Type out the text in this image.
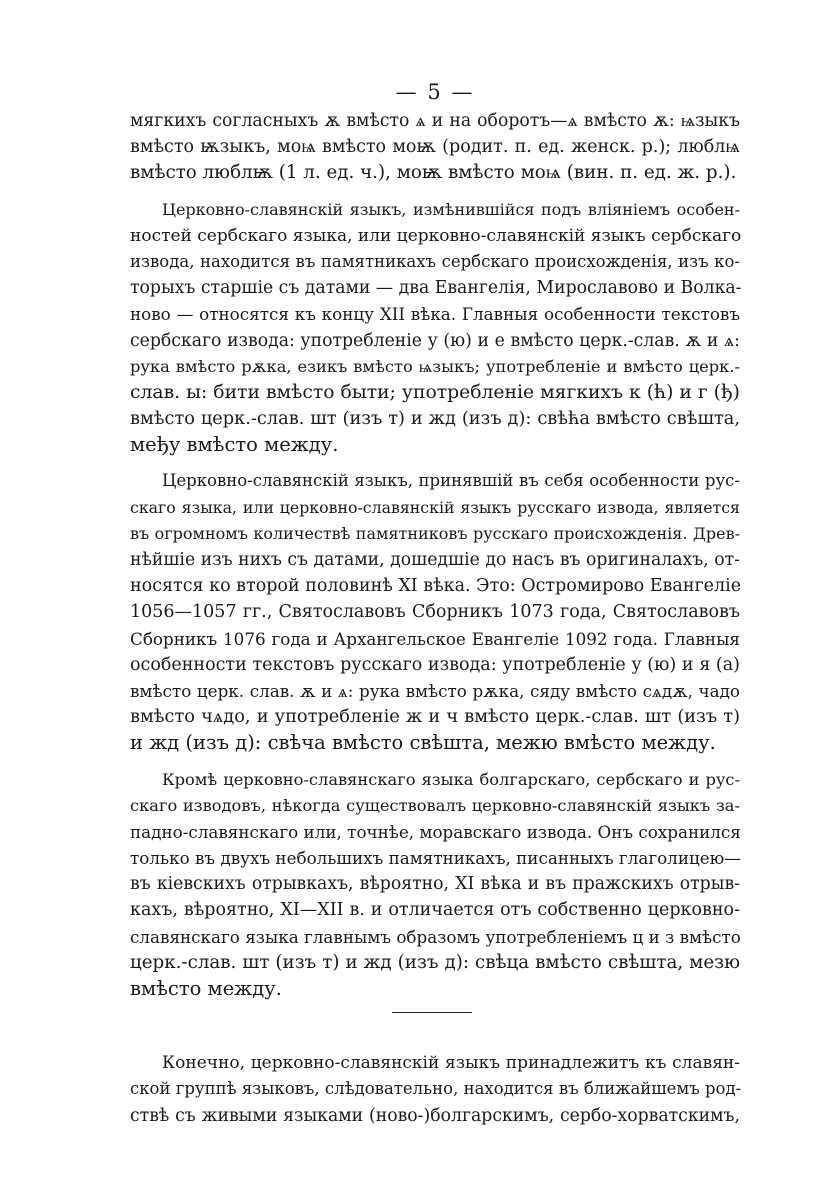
— 5 —
мягкихъ согласныхъ ѫ вмѣсто ѧ и на оборотъ—ѧ вмѣсто ѫ: ѩзыкъ
вмѣсто ѭзыкъ, моѩ вмѣсто моѭ (родит. п. ед. женск. р.); люблѩ
вмѣсто люблѭ (1 л. ед. ч.), моѭ вмѣсто моѩ (вин. п. ед. ж. р.).
Церковно-славянскій языкъ, измѣнившійся подъ вліяніемъ особен-
ностей сербскаго языка, или церковно-славянскій языкъ сербскаго
извода, находится въ памятникахъ сербскаго происхожденія, изъ ко-
торыхъ старшіе съ датами — два Евангелія, Мирославово и Волка-
ново — относятся къ концу XII вѣка. Главныя особенности текстовъ
сербскаго извода: употребленіе у (ю) и е вмѣсто церк.-слав. ѫ и ѧ:
рука вмѣсто рѫка, езикъ вмѣсто ѩзыкъ; употребленіе и вмѣсто церк.-
слав. ы: бити вмѣсто быти; употребленіе мягкихъ к (ћ) и г (ђ)
вмѣсто церк.-слав. шт (изъ т) и жд (изъ д): свѣћа вмѣсто свѣшта,
међу вмѣсто между.
Церковно-славянскій языкъ, принявшій въ себя особенности рус-
скаго языка, или церковно-славянскій языкъ русскаго извода, является
въ огромномъ количествѣ памятниковъ русскаго происхожденія. Древ-
нѣйшіе изъ нихъ съ датами, дошедшіе до насъ въ оригиналахъ, от-
носятся ко второй половинѣ XI вѣка. Это: Остромирово Евангеліе
1056—1057 гг., Святославовъ Сборникъ 1073 года, Святославовъ
Сборникъ 1076 года и Архангельское Евангеліе 1092 года. Главныя
особенности текстовъ русскаго извода: употребленіе у (ю) и я (а)
вмѣсто церк. слав. ѫ и ѧ: рука вмѣсто рѫка, сяду вмѣсто сѧдѫ, чадо
вмѣсто чѧдо, и употребленіе ж и ч вмѣсто церк.-слав. шт (изъ т)
и жд (изъ д): свѣча вмѣсто свѣшта, межю вмѣсто между.
Кромѣ церковно-славянскаго языка болгарскаго, сербскаго и рус-
скаго изводовъ, нѣкогда существовалъ церковно-славянскій языкъ за-
падно-славянскаго или, точнѣе, моравскаго извода. Онъ сохранился
только въ двухъ небольшихъ памятникахъ, писанныхъ глаголицею—
въ кіевскихъ отрывкахъ, вѣроятно, XI вѣка и въ пражскихъ отрыв-
кахъ, вѣроятно, XI—XII в. и отличается отъ собственно церковно-
славянскаго языка главнымъ образомъ употребленіемъ ц и з вмѣсто
церк.-слав. шт (изъ т) и жд (изъ д): свѣца вмѣсто свѣшта, мезю
вмѣсто между.
Конечно, церковно-славянскій языкъ принадлежитъ къ славян-
ской группѣ языковъ, слѣдовательно, находится въ ближайшемъ род-
ствѣ съ живыми языками (ново-)болгарскимъ, сербо-хорватскимъ,
